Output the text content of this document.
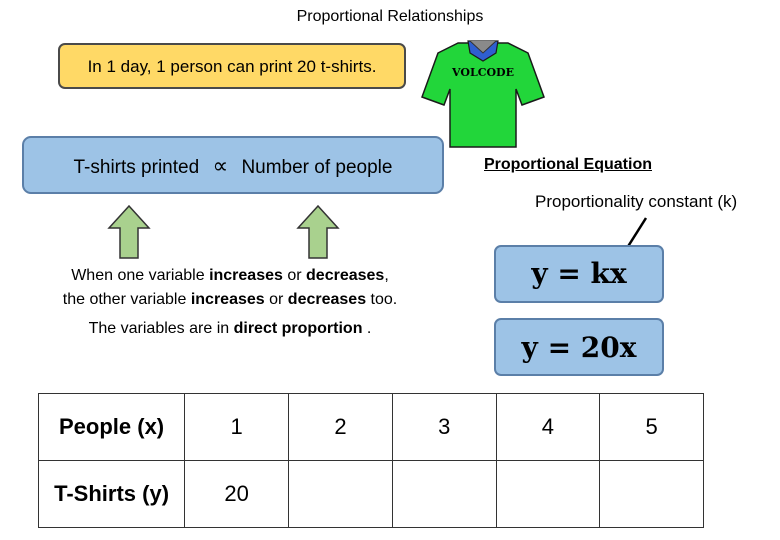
Proportional Relationships
In 1 day, 1 person can print 20 t-shirts.	VOLCODE
T-shirts printed ∝ Number of people	Proportional Equation
Proportionality constant (k)
When one variable increases or decreases,
the other variable increases or decreases too.
The variables are in direct proportion .
y = kx
y = 20x
People (x)	1	2	3	4	5
T-Shirts (y)	20				
